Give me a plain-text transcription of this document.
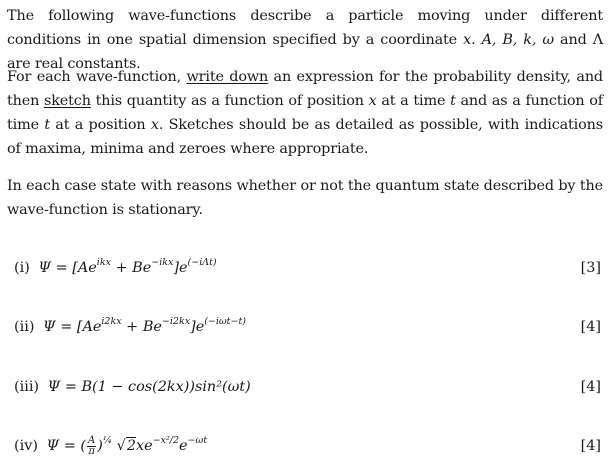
The following wave-functions describe a particle moving under different conditions in one spatial dimension specified by a coordinate x. A, B, k, ω and Λ are real constants.
For each wave-function, write down an expression for the probability density, and then sketch this quantity as a function of position x at a time t and as a function of time t at a position x. Sketches should be as detailed as possible, with indications of maxima, minima and zeroes where appropriate.
In each case state with reasons whether or not the quantum state described by the wave-function is stationary.
(i) $\Psi = [Ae^{ikx} + Be^{-ikx}]e^{(-i\Lambda t)}$	[3]
(ii) $\Psi = [Ae^{i2kx} + Be^{-i2kx}]e^{(-i\omega t-t)}$	[4]
(iii) Ψ = B(1 − cos(2kx))sin²(ωt)	[4]
(iv) Ψ = ( $\frac{A}{\pi} )^{\frac{1}{4}}$ $√2xe^{-x^2/2}e^{-\omega t}$	[4]
